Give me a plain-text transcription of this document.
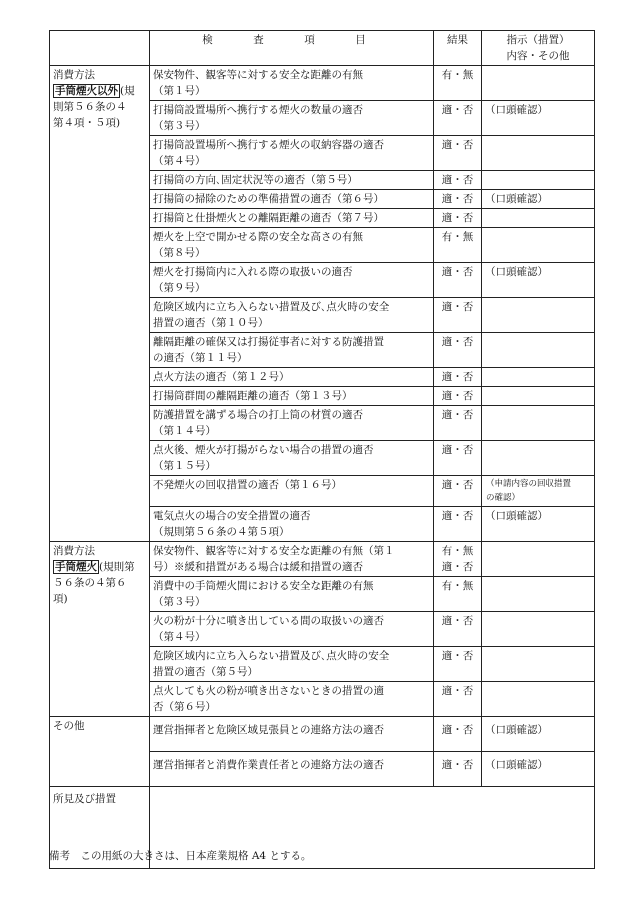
	検　査　項　目	結果	指示（措置）
内容・その他
消費方法
手筒煙火以外 (規
則第５６条の４
第４項・５項)	保安物件、観客等に対する安全な距離の有無
（第１号）	有・無	

	打揚筒設置場所へ携行する煙火の数量の適否
（第３号）	適・否	（口頭確認）
	打揚筒設置場所へ携行する煙火の収納容器の適否
（第４号）	適・否	

	打揚筒の方向､固定状況等の適否（第５号）	適・否	

	打揚筒の掃除のための準備措置の適否（第６号）	適・否	（口頭確認）
	打揚筒と仕掛煙火との離隔距離の適否（第７号）	適・否	

	煙火を上空で開かせる際の安全な高さの有無
（第８号）	有・無	

	煙火を打揚筒内に入れる際の取扱いの適否
（第９号）	適・否	（口頭確認）
	危険区域内に立ち入らない措置及び､点火時の安全
措置の適否（第１０号）	適・否	

	離隔距離の確保又は打揚従事者に対する防護措置
の適否（第１１号）	適・否	

	点火方法の適否（第１２号）	適・否	

	打揚筒群間の離隔距離の適否（第１３号）	適・否	

	防護措置を講ずる場合の打上筒の材質の適否
（第１４号）	適・否	

	点火後、煙火が打揚がらない場合の措置の適否
（第１５号）	適・否	

	不発煙火の回収措置の適否（第１６号）	適・否	（申請内容の回収措置
の確認）
	電気点火の場合の安全措置の適否
（規則第５６条の４第５項）	適・否	（口頭確認）
消費方法
手筒煙火 (規則第
５６条の４第６
項)	保安物件、観客等に対する安全な距離の有無（第１
号）※緩和措置がある場合は緩和措置の適否	有・無
適・否	

	消費中の手筒煙火間における安全な距離の有無
（第３号）	有・無	

	火の粉が十分に噴き出している間の取扱いの適否
（第４号）	適・否	

	危険区域内に立ち入らない措置及び､点火時の安全
措置の適否（第５号）	適・否	

	点火しても火の粉が噴き出さないときの措置の適
否（第６号）	適・否	

その他	運営指揮者と危険区域見張員との連絡方法の適否	適・否	（口頭確認）
	運営指揮者と消費作業責任者との連絡方法の適否	適・否	（口頭確認）
所見及び措置			
備考　この用紙の大きさは、日本産業規格 A4 とする。
